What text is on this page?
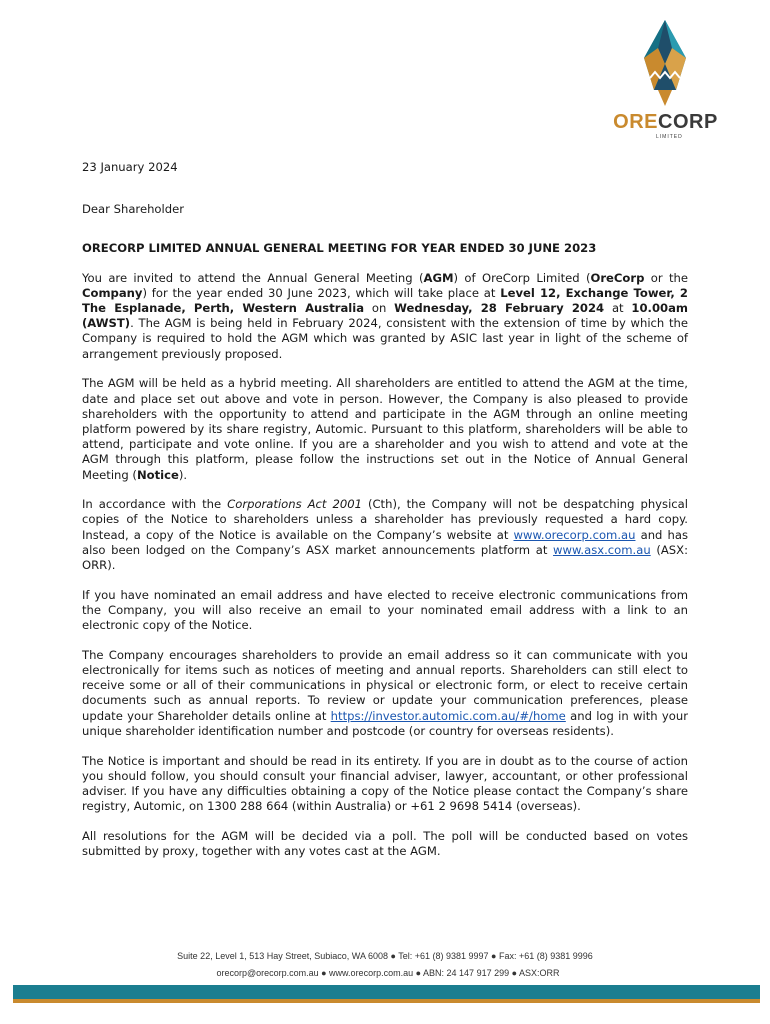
ORECORP
LIMITED

23 January 2024

Dear Shareholder

ORECORP LIMITED ANNUAL GENERAL MEETING FOR YEAR ENDED 30 JUNE 2023

You are invited to attend the Annual General Meeting (AGM) of OreCorp Limited (OreCorp or the Company) for the year ended 30 June 2023, which will take place at Level 12, Exchange Tower, 2 The Esplanade, Perth, Western Australia on Wednesday, 28 February 2024 at 10.00am (AWST). The AGM is being held in February 2024, consistent with the extension of time by which the Company is required to hold the AGM which was granted by ASIC last year in light of the scheme of arrangement previously proposed.

The AGM will be held as a hybrid meeting. All shareholders are entitled to attend the AGM at the time, date and place set out above and vote in person. However, the Company is also pleased to provide shareholders with the opportunity to attend and participate in the AGM through an online meeting platform powered by its share registry, Automic. Pursuant to this platform, shareholders will be able to attend, participate and vote online. If you are a shareholder and you wish to attend and vote at the AGM through this platform, please follow the instructions set out in the Notice of Annual General Meeting (Notice).

In accordance with the Corporations Act 2001 (Cth), the Company will not be despatching physical copies of the Notice to shareholders unless a shareholder has previously requested a hard copy. Instead, a copy of the Notice is available on the Company’s website at www.orecorp.com.au and has also been lodged on the Company’s ASX market announcements platform at www.asx.com.au (ASX: ORR).

If you have nominated an email address and have elected to receive electronic communications from the Company, you will also receive an email to your nominated email address with a link to an electronic copy of the Notice.

The Company encourages shareholders to provide an email address so it can communicate with you electronically for items such as notices of meeting and annual reports. Shareholders can still elect to receive some or all of their communications in physical or electronic form, or elect to receive certain documents such as annual reports. To review or update your communication preferences, please update your Shareholder details online at https://investor.automic.com.au/#/home and log in with your unique shareholder identification number and postcode (or country for overseas residents).

The Notice is important and should be read in its entirety. If you are in doubt as to the course of action you should follow, you should consult your financial adviser, lawyer, accountant, or other professional adviser. If you have any difficulties obtaining a copy of the Notice please contact the Company’s share registry, Automic, on 1300 288 664 (within Australia) or +61 2 9698 5414 (overseas).

All resolutions for the AGM will be decided via a poll. The poll will be conducted based on votes submitted by proxy, together with any votes cast at the AGM.

Suite 22, Level 1, 513 Hay Street, Subiaco, WA 6008 ● Tel: +61 (8) 9381 9997 ● Fax: +61 (8) 9381 9996
orecorp@orecorp.com.au ● www.orecorp.com.au ● ABN: 24 147 917 299 ● ASX:ORR
